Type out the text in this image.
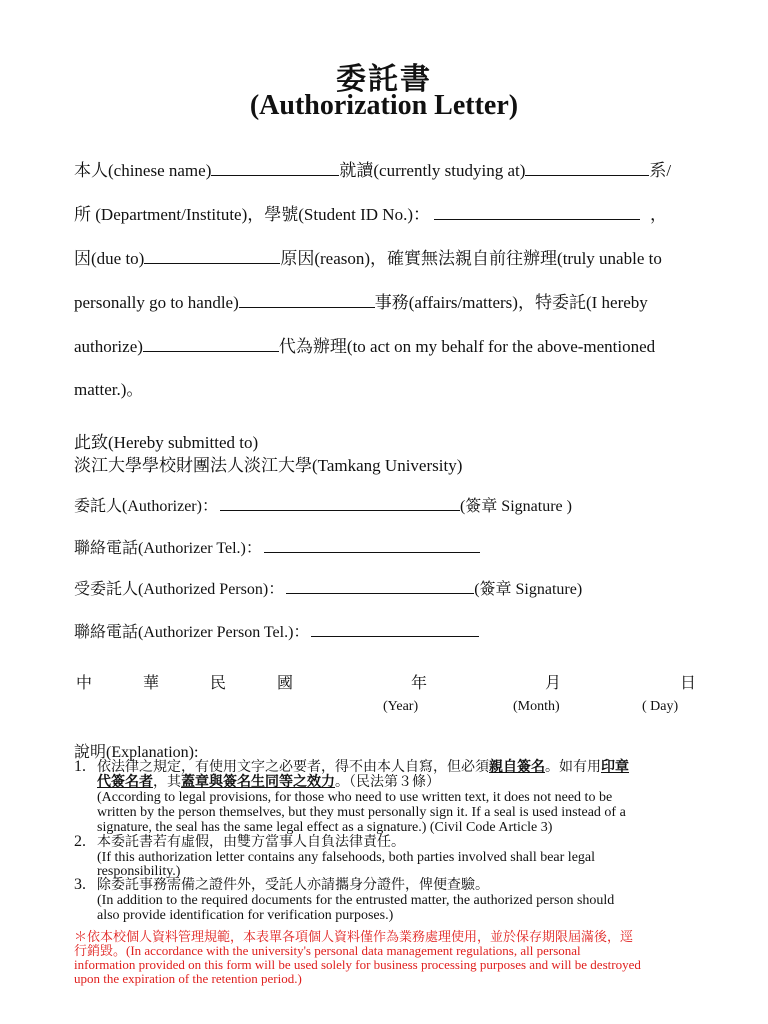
委託書
(Authorization Letter)
本人(chinese name)	就讀(currently studying at)	系/
所 (Department/Institute)，學號(Student ID No.)：	，
因(due to)	原因(reason)，確實無法親自前往辦理(truly unable to
personally go to handle)	事務(affairs/matters)，特委託(I hereby
authorize)	代為辦理(to act on my behalf for the above-mentioned
matter.)。
此致(Hereby submitted to)
淡江大學學校財團法人淡江大學(Tamkang University)
委託人(Authorizer)：	(簽章 Signature )
聯絡電話(Authorizer Tel.)：
受委託人(Authorized Person)：	(簽章 Signature)
聯絡電話(Authorizer Person Tel.)：
中	華	民	國	年	月	日
(Year)	(Month)	( Day)
說明(Explanation):
1. 依法律之規定，有使用文字之必要者，得不由本人自寫，但必須親自簽名。如有用印章
代簽名者，其蓋章與簽名生同等之效力。（民法第３條）
(According to legal provisions, for those who need to use written text, it does not need to be
written by the person themselves, but they must personally sign it. If a seal is used instead of a
signature, the seal has the same legal effect as a signature.) (Civil Code Article 3)
2. 本委託書若有虛假，由雙方當事人自負法律責任。
(If this authorization letter contains any falsehoods, both parties involved shall bear legal
responsibility.)
3. 除委託事務需備之證件外，受託人亦請攜身分證件，俾便查驗。
(In addition to the required documents for the entrusted matter, the authorized person should
also provide identification for verification purposes.)
＊依本校個人資料管理規範，本表單各項個人資料僅作為業務處理使用，並於保存期限屆滿後，逕
行銷毀。(In accordance with the university's personal data management regulations, all personal
information provided on this form will be used solely for business processing purposes and will be destroyed
upon the expiration of the retention period.)
